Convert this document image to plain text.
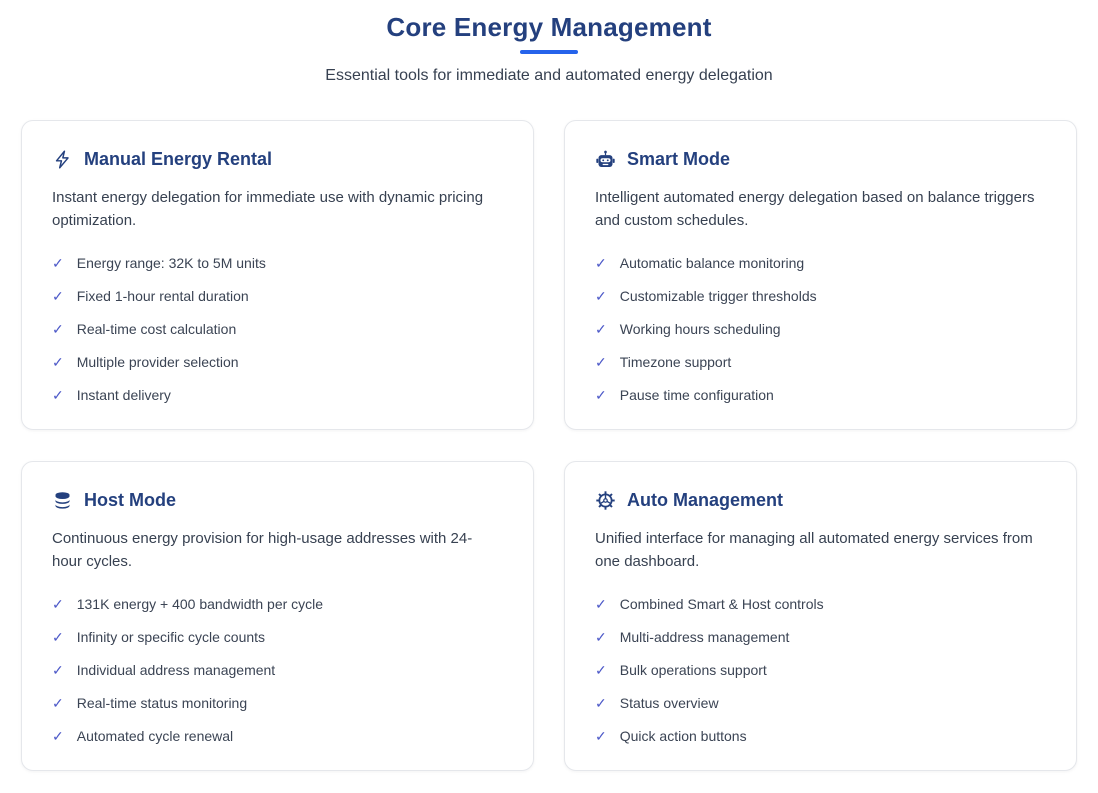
Core Energy Management
Essential tools for immediate and automated energy delegation
Manual Energy Rental
Instant energy delegation for immediate use with dynamic pricing optimization.
✓ Energy range: 32K to 5M units
✓ Fixed 1-hour rental duration
✓ Real-time cost calculation
✓ Multiple provider selection
✓ Instant delivery
Smart Mode
Intelligent automated energy delegation based on balance triggers and custom schedules.
✓ Automatic balance monitoring
✓ Customizable trigger thresholds
✓ Working hours scheduling
✓ Timezone support
✓ Pause time configuration
Host Mode
Continuous energy provision for high-usage addresses with 24-hour cycles.
✓ 131K energy + 400 bandwidth per cycle
✓ Infinity or specific cycle counts
✓ Individual address management
✓ Real-time status monitoring
✓ Automated cycle renewal
Auto Management
Unified interface for managing all automated energy services from one dashboard.
✓ Combined Smart & Host controls
✓ Multi-address management
✓ Bulk operations support
✓ Status overview
✓ Quick action buttons
